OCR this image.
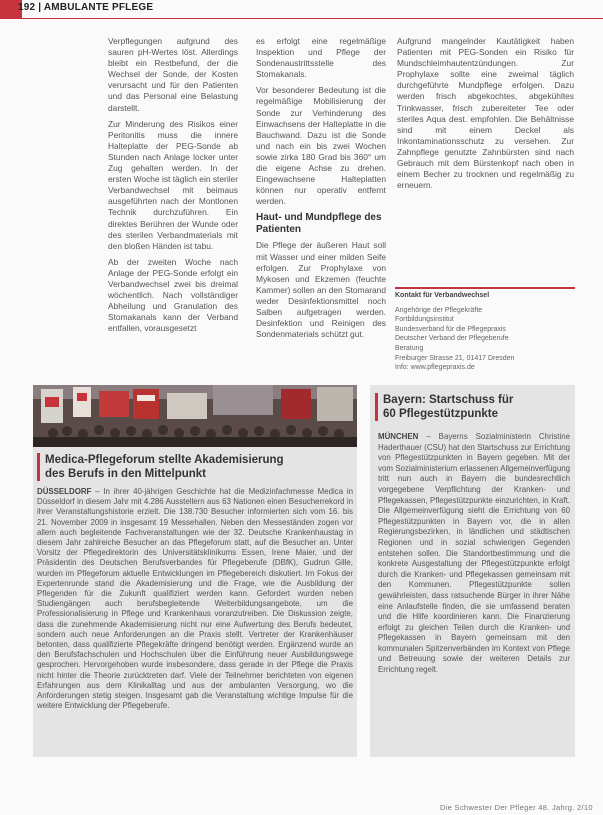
192 | AMBULANTE PFLEGE

Verpflegungen aufgrund des sauren pH-Wertes löst. Allerdings bleibt ein Restbefund, der die Wechsel der Sonde, der Kosten verursacht und für den Patienten und das Personal eine Belastung darstellt.

Zur Minderung des Risikos einer Peritonitis muss die innere Halteplatte der PEG-Sonde ab Stunden nach Anlage locker unter Zug gehalten werden. In der ersten Woche ist täglich ein steriler Verbandwechsel mit beimaus ausgeführten nach der Montlonen Technik durchzuführen. Ein direktes Berühren der Wunde oder des sterilen Verbandmaterials mit den bloßen Händen ist tabu.

Ab der zweiten Woche nach Anlage der PEG-Sonde erfolgt ein Verbandwechsel zwei bis dreimal wöchentlich. Nach vollständiger Abheilung und Granulation des Stomakanals kann der Verband entfallen, vorausgesetzt

es erfolgt eine regelmäßige Inspektion und Pflege der Sondenaustrittsstelle des Stomakanals.

Vor besonderer Bedeutung ist die regelmäßige Mobilisierung der Sonde zur Verhinderung des Einwachsens der Halteplatte in die Bauchwand. Dazu ist die Sonde und nach ein bis zwei Wochen sowie zirka 180 Grad bis 360° um die eigene Achse zu drehen. Eingewachsene Halteplatten können nur operativ entfernt werden.

Haut- und Mundpflege des Patienten

Die Pflege der äußeren Haut soll mit Wasser und einer milden Seife erfolgen. Zur Prophylaxe von Mykosen und Ekzemen (feuchte Kammer) sollen an den Stomarand weder Desinfektionsmittel noch Salben aufgetragen werden. Desinfektion und Reinigen des Sondenmaterials schützt gut.

Aufgrund mangelnder Kautätigkeit haben Patienten mit PEG-Sonden ein Risiko für Mundschleimhautentzündungen. Zur Prophylaxe sollte eine zweimal täglich durchgeführte Mundpflege erfolgen. Dazu werden frisch abgekochtes, abgekühltes Trinkwasser, frisch zubereiteter Tee oder steriles Aqua dest. empfohlen. Die Behältnisse sind mit einem Deckel als Inkontaminationsschutz zu versehen. Zur Zahnpflege genutzte Zahnbürsten sind nach Gebrauch mit dem Bürstenkopf nach oben in einem Becher zu trocknen und regelmäßig zu erneuern.

Kontakt für Verbandwechsel
Angehörige der Pflegekräfte
Fortbildungsinstitut
Bundesverband für die Pflegepraxis
Deutscher Verband der Pflegeberufe
Beratung
Freiburger Strasse 21, 01417 Dresden
Info: www.pflegepraxis.de
Medica-Pflegeforum stellte Akademisierung
des Berufs in den Mittelpunkt

DÜSSELDORF – In ihrer 40-jährigen Geschichte hat die Medizinfachmesse Medica in Düsseldorf in diesem Jahr mit 4.286 Ausstellern aus 63 Nationen einen Besucherrekord in ihrer Veranstaltungshistorie erzielt. Die 138.730 Besucher informierten sich vom 16. bis 21. November 2009 in insgesamt 19 Messehallen. Neben den Messeständen zogen vor allem auch begleitende Fachveranstaltungen wie der 32. Deutsche Krankenhaustag in diesem Jahr zahlreiche Besucher an das Pflegeforum statt, auf die Besucher an. Unter Vorsitz der Pflegedirektorin des Universitätsklinikums Essen, Irene Maier, und der Präsidentin des Deutschen Berufsverbandes für Pflegeberufe (DBfK), Gudrun Gille, wurden im Pflegeforum aktuelle Entwicklungen im Pflegebereich diskutiert. Im Fokus der Expertenrunde stand die Akademisierung und die Frage, wie die Ausbildung der Pflegenden für die Zukunft qualifiziert werden kann. Gefordert wurden neben Studiengängen auch berufsbegleitende Weiterbildungsangebote, um die Professionalisierung in Pflege und Krankenhaus voranzutreiben. Die Diskussion zeigte, dass die zunehmende Akademisierung nicht nur eine Aufwertung des Berufs bedeutet, sondern auch neue Anforderungen an die Praxis stellt. Vertreter der Krankenhäuser betonten, dass qualifizierte Pflegekräfte dringend benötigt werden. Ergänzend wurde an den Berufsfachschulen und Hochschulen über die Einführung neuer Ausbildungswege gesprochen. Hervorgehoben wurde insbesondere, dass gerade in der Pflege die Praxis nicht hinter die Theorie zurücktreten darf. Viele der Teilnehmer berichteten von eigenen Erfahrungen aus dem Klinikalltag und aus der ambulanten Versorgung, wo die Anforderungen stetig steigen. Insgesamt gab die Veranstaltung wichtige Impulse für die weitere Entwicklung der Pflegeberufe.

Bayern: Startschuss für
60 Pflegestützpunkte
MÜNCHEN – Bayerns Sozialministerin Christine Haderthauer (CSU) hat den Startschuss zur Errichtung von Pflegestützpunkten in Bayern gegeben. Mit der vom Sozialministerium erlassenen Allgemeinverfügung tritt nun auch in Bayern die bundesrechtlich vorgegebene Verpflichtung der Kranken- und Pflegekassen, Pflegestützpunkte einzurichten, in Kraft. Die Allgemeinverfügung sieht die Errichtung von 60 Pflegestützpunkten in Bayern vor, die in allen Regierungsbezirken, in ländlichen und städtischen Regionen und in sozial schwierigen Gegenden entstehen sollen. Die Standortbestimmung und die konkrete Ausgestaltung der Pflegestützpunkte erfolgt durch die Kranken- und Pflegekassen gemeinsam mit den Kommunen. Pflegestützpunkte sollen gewährleisten, dass ratsuchende Bürger in ihrer Nähe eine Anlaufstelle finden, die sie umfassend beraten und die Hilfe koordinieren kann. Die Finanzierung erfolgt zu gleichen Teilen durch die Kranken- und Pflegekassen in Bayern gemeinsam mit den kommunalen Spitzenverbänden im Kontext von Pflege und Betreuung sowie der weiteren Details zur Errichtung regelt.
Die Schwester Der Pfleger 48. Jahrg. 2/10
